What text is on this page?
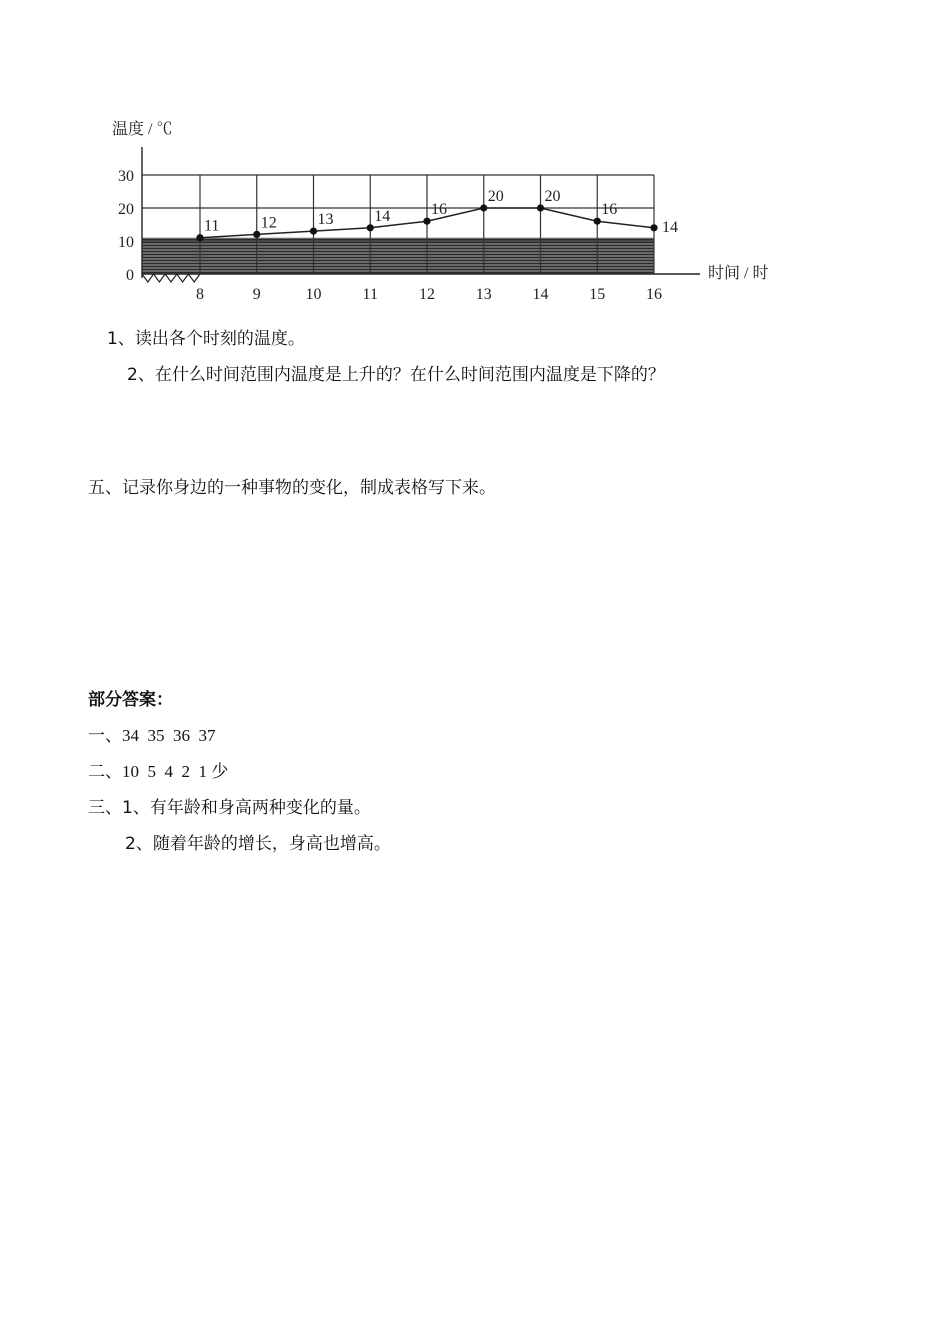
温度 / ℃
时间 / 时
0
10
20
30
8	9	10	11	12	13	14	15	16
11	12	13	14	16
20	20
16
14
1、读出各个时刻的温度。
2、在什么时间范围内温度是上升的？在什么时间范围内温度是下降的？
五、记录你身边的一种事物的变化，制成表格写下来。
部分答案：
一、34  35  36  37
二、10  5  4  2  1 少
三、1、有年龄和身高两种变化的量。
2、随着年龄的增长，身高也增高。
